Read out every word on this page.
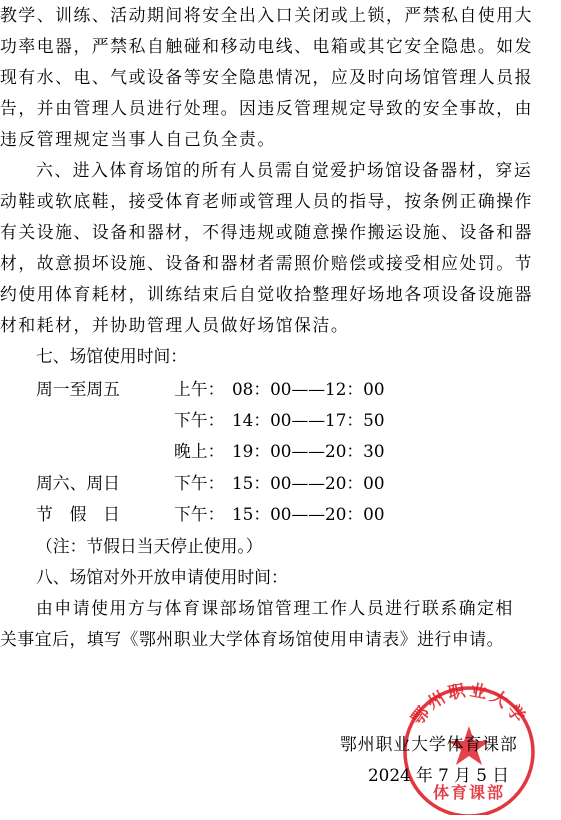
教学、训练、活动期间将安全出入口关闭或上锁，严禁私自使用大
功率电器，严禁私自触碰和移动电线、电箱或其它安全隐患。如发
现有水、电、气或设备等安全隐患情况，应及时向场馆管理人员报
告，并由管理人员进行处理。因违反管理规定导致的安全事故，由
违反管理规定当事人自己负全责。
六、进入体育场馆的所有人员需自觉爱护场馆设备器材，穿运
动鞋或软底鞋，接受体育老师或管理人员的指导，按条例正确操作
有关设施、设备和器材，不得违规或随意操作搬运设施、设备和器
材，故意损坏设施、设备和器材者需照价赔偿或接受相应处罚。节
约使用体育耗材，训练结束后自觉收拾整理好场地各项设备设施器
材和耗材，并协助管理人员做好场馆保洁。
七、场馆使用时间：
周一至周五	上午： 08：00——12：00
下午： 14：00——17：50
晚上： 19：00——20：30
周六、周日	下午： 15：00——20：00
节　假　日	下午： 15：00——20：00
（注：节假日当天停止使用。）
八、场馆对外开放申请使用时间：
由申请使用方与体育课部场馆管理工作人员进行联系确定相
关事宜后，填写《鄂州职业大学体育场馆使用申请表》进行申请。
鄂州职业大学
体育课部
鄂州职业大学体育课部
2024 年 7 月 5 日
